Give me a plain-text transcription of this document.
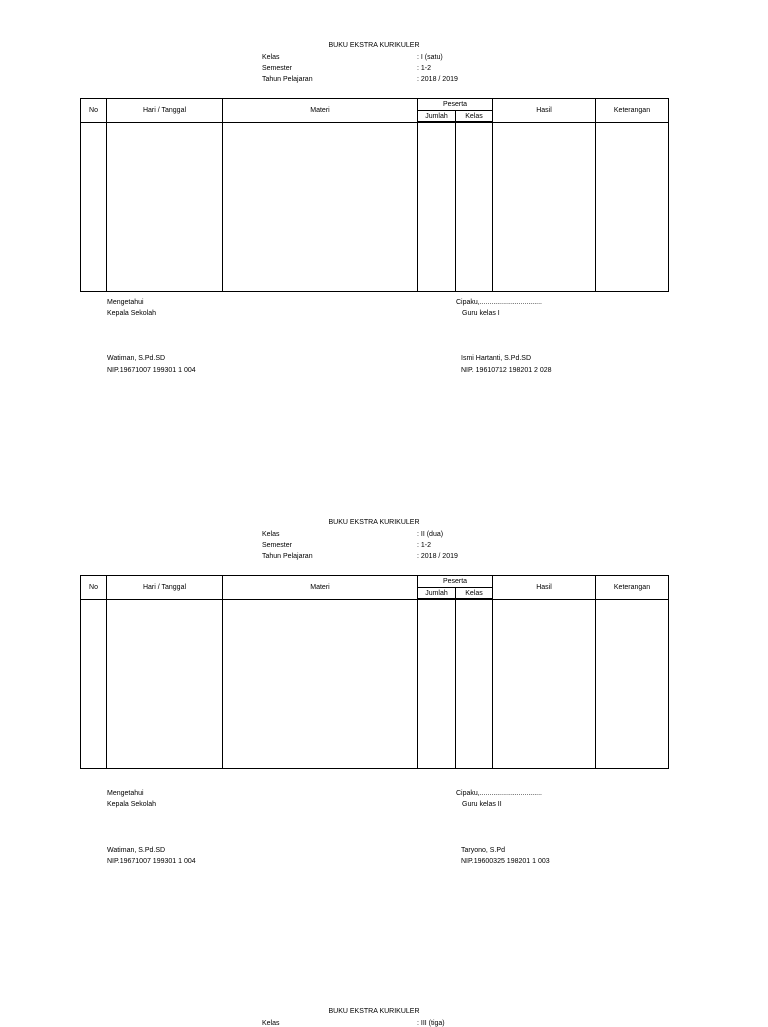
BUKU EKSTRA KURIKULER
Kelas	: I (satu)
Semester	: 1-2
Tahun Pelajaran	: 2018 / 2019
No	Hari / Tanggal	Materi	Peserta		Hasil	Keterangan
			Jumlah	Kelas		

Mengetahui
Kepala Sekolah
Cipaku,................................
Guru kelas I
Watiman, S.Pd.SD
NIP.19671007 199301 1 004
Ismi Hartanti, S.Pd.SD
NIP. 19610712 198201 2 028
BUKU EKSTRA KURIKULER
Kelas	: II (dua)
Semester	: 1-2
Tahun Pelajaran	: 2018 / 2019
No	Hari / Tanggal	Materi	Peserta		Hasil	Keterangan
			Jumlah	Kelas		

Mengetahui
Kepala Sekolah
Cipaku,................................
Guru kelas II
Watiman, S.Pd.SD
NIP.19671007 199301 1 004
Taryono, S.Pd
NIP.19600325 198201 1 003
BUKU EKSTRA KURIKULER
Kelas	: III (tiga)
